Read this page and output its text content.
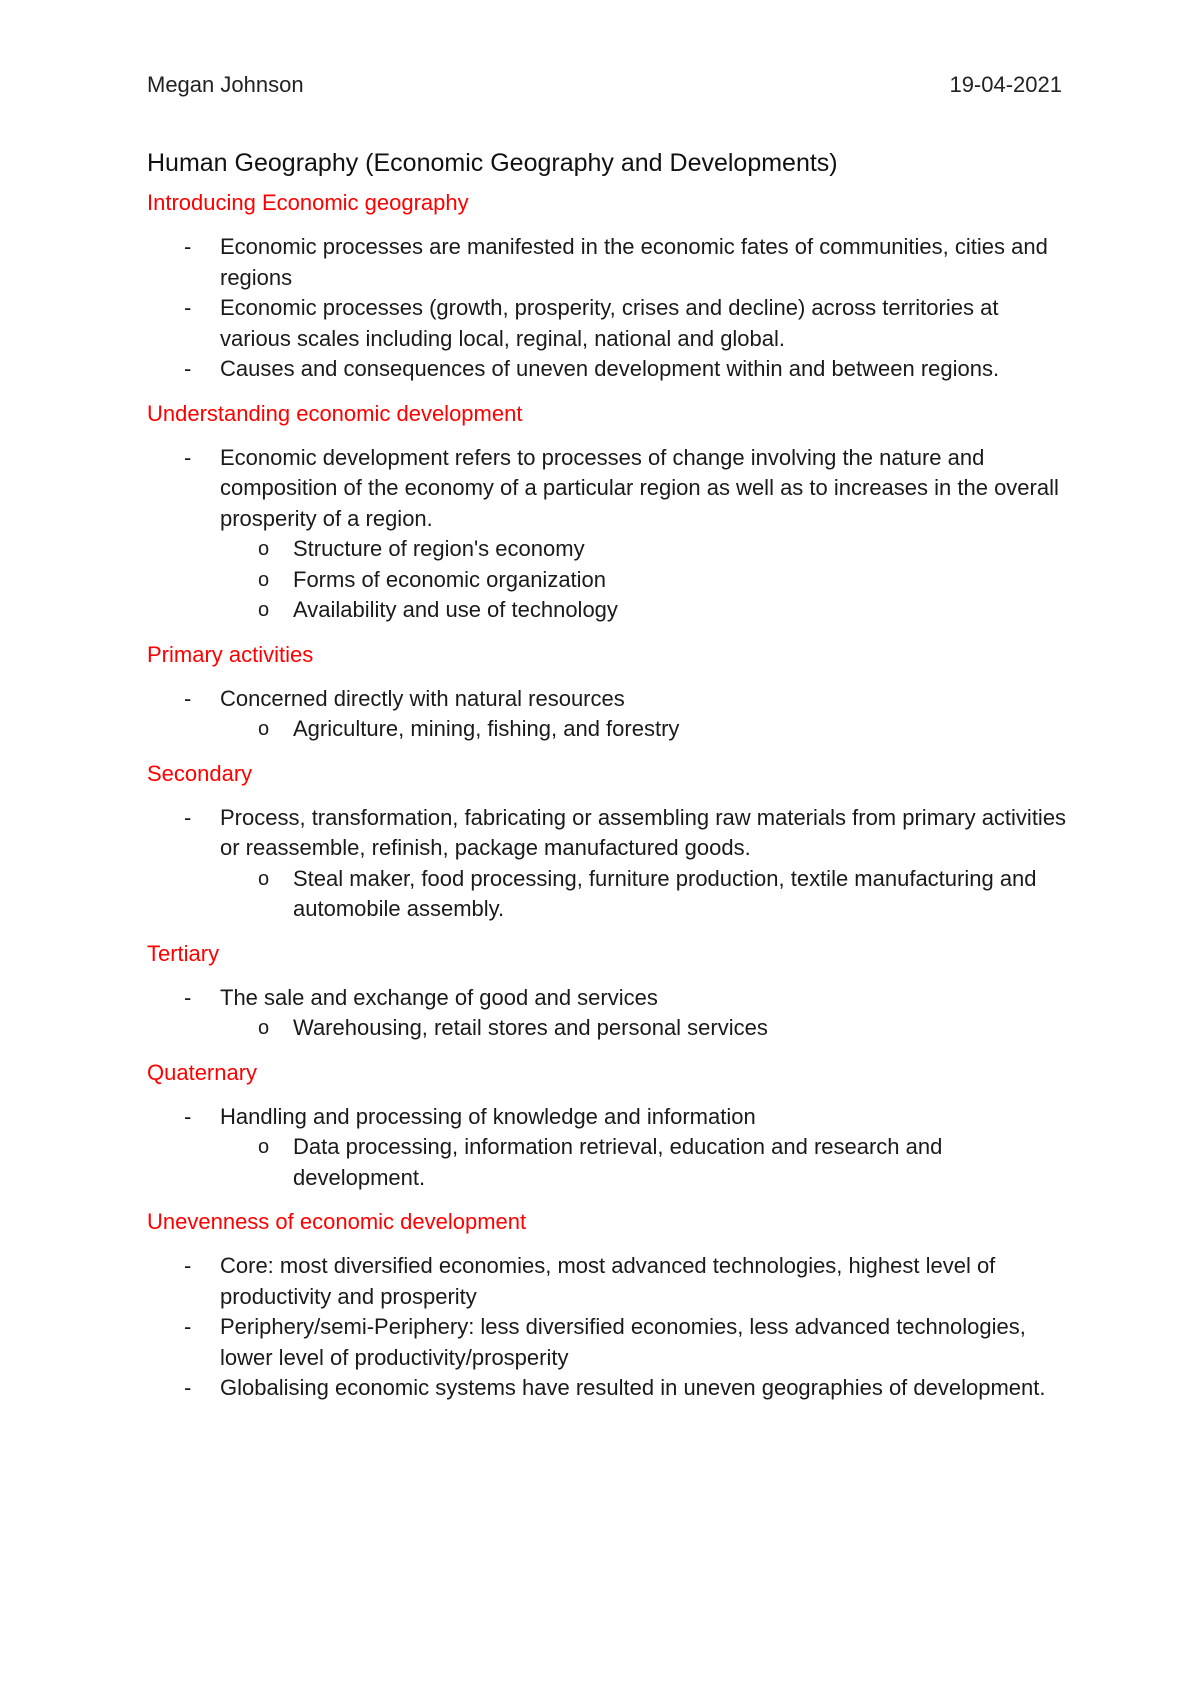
Megan Johnson	19-04-2021
Human Geography (Economic Geography and Developments)
Introducing Economic geography
- Economic processes are manifested in the economic fates of communities, cities and regions
- Economic processes (growth, prosperity, crises and decline) across territories at various scales including local, reginal, national and global.
- Causes and consequences of uneven development within and between regions.
Understanding economic development
- Economic development refers to processes of change involving the nature and composition of the economy of a particular region as well as to increases in the overall prosperity of a region.
o Structure of region's economy
o Forms of economic organization
o Availability and use of technology
Primary activities
- Concerned directly with natural resources
o Agriculture, mining, fishing, and forestry
Secondary
- Process, transformation, fabricating or assembling raw materials from primary activities or reassemble, refinish, package manufactured goods.
o Steal maker, food processing, furniture production, textile manufacturing and automobile assembly.
Tertiary
- The sale and exchange of good and services
o Warehousing, retail stores and personal services
Quaternary
- Handling and processing of knowledge and information
o Data processing, information retrieval, education and research and development.
Unevenness of economic development
- Core: most diversified economies, most advanced technologies, highest level of productivity and prosperity
- Periphery/semi-Periphery: less diversified economies, less advanced technologies, lower level of productivity/prosperity
- Globalising economic systems have resulted in uneven geographies of development.
